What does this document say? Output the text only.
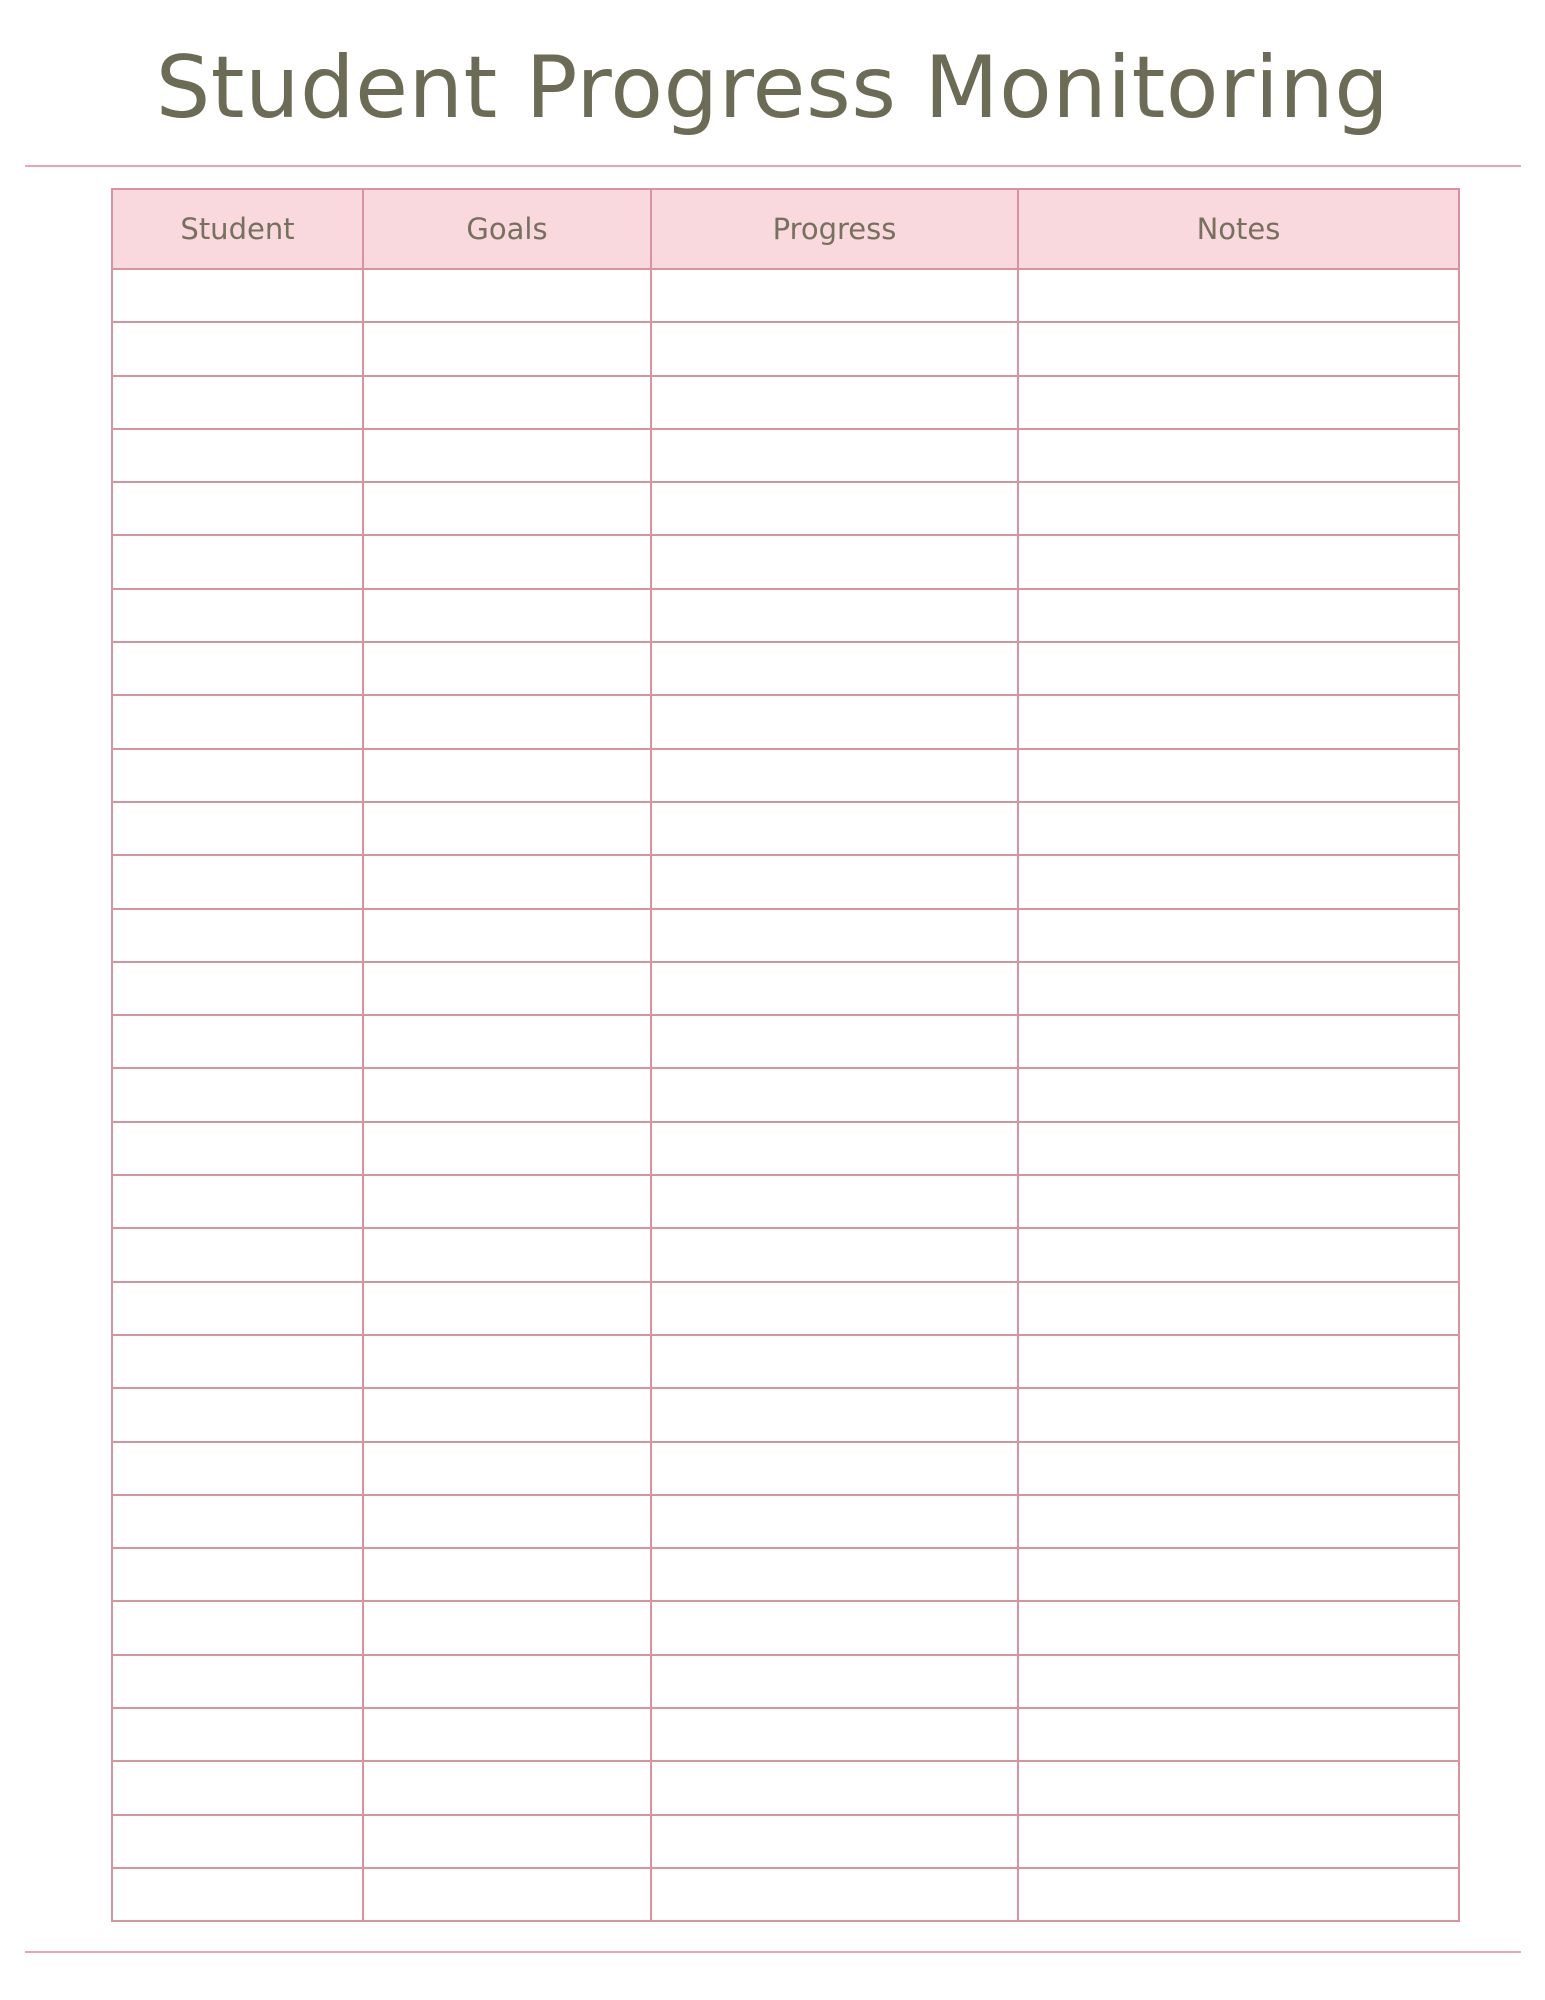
Student Progress Monitoring
Student	Goals	Progress	Notes
